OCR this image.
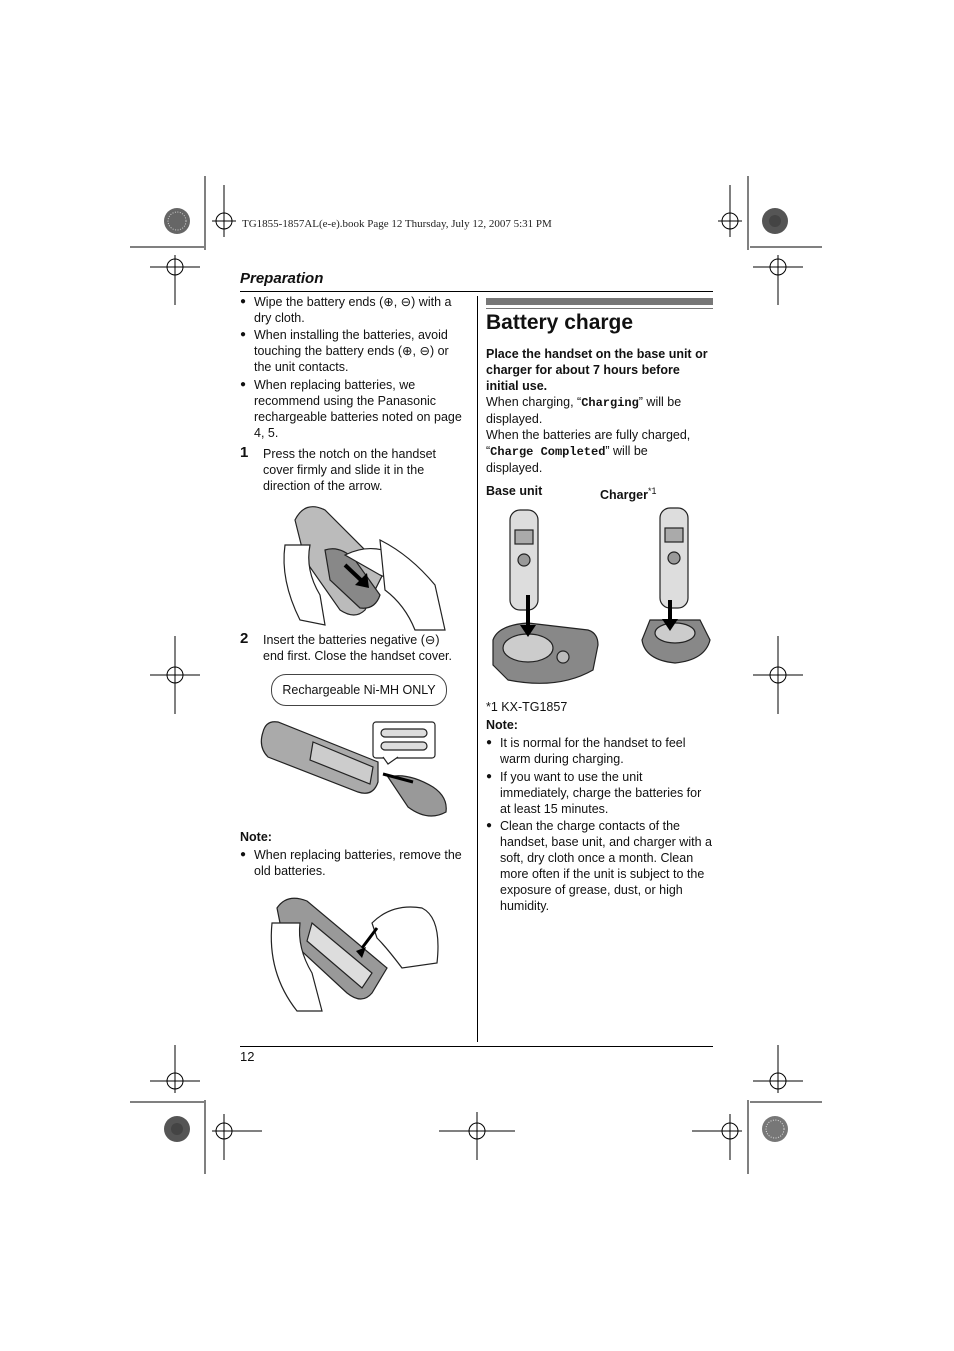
TG1855-1857AL(e-e).book Page 12 Thursday, July 12, 2007 5:31 PM
Preparation
● Wipe the battery ends (⊕, ⊖) with a
dry cloth.
● When installing the batteries, avoid
touching the battery ends (⊕, ⊖) or
the unit contacts.
● When replacing batteries, we
recommend using the Panasonic
rechargeable batteries noted on page
4, 5.
1 Press the notch on the handset
cover firmly and slide it in the
direction of the arrow.
2 Insert the batteries negative (⊖)
end first. Close the handset cover.
Rechargeable Ni-MH ONLY
Note:
● When replacing batteries, remove the
old batteries.
Battery charge
Place the handset on the base unit or
charger for about 7 hours before
initial use.
When charging, “Charging” will be
displayed.
When the batteries are fully charged,
“Charge Completed” will be
displayed.
Base unit	Charger$^{*1}$
*1 KX-TG1857
Note:
● It is normal for the handset to feel
warm during charging.
● If you want to use the unit
immediately, charge the batteries for
at least 15 minutes.
● Clean the charge contacts of the
handset, base unit, and charger with a
soft, dry cloth once a month. Clean
more often if the unit is subject to the
exposure of grease, dust, or high
humidity.
12
